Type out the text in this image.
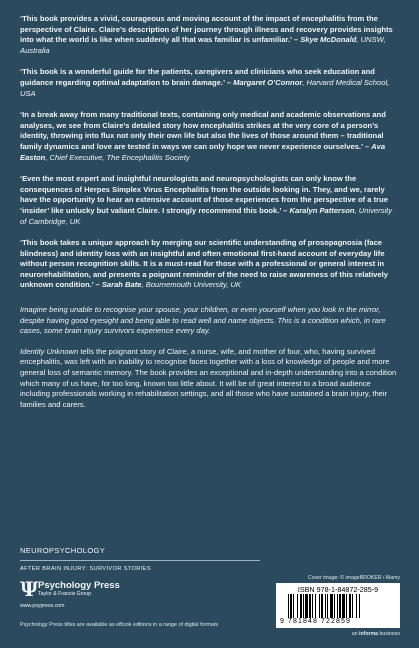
‘This book provides a vivid, courageous and moving account of the impact of encephalitis from the perspective of Claire. Claire’s description of her journey through illness and recovery provides insights into what the world is like when suddenly all that was familiar is unfamiliar.’ – Skye McDonald, UNSW, Australia

‘This book is a wonderful guide for the patients, caregivers and clinicians who seek education and guidance regarding optimal adaptation to brain damage.’ – Margaret O’Connor, Harvard Medical School, USA

‘In a break away from many traditional texts, containing only medical and academic observations and analyses, we see from Claire’s detailed story how encephalitis strikes at the very core of a person’s identity, throwing into flux not only their own life but also the lives of those around them – traditional family dynamics and love are tested in ways we can only hope we never experience ourselves.’ – Ava Easton, Chief Executive, The Encephalitis Society

‘Even the most expert and insightful neurologists and neuropsychologists can only know the consequences of Herpes Simplex Virus Encephalitis from the outside looking in. They, and we, rarely have the opportunity to hear an extensive account of those experiences from the perspective of a true ‘insider’ like unlucky but valiant Claire. I strongly recommend this book.’ – Karalyn Patterson, University of Cambridge, UK

‘This book takes a unique approach by merging our scientific understanding of prosopagnosia (face blindness) and identity loss with an insightful and often emotional first-hand account of everyday life without person recognition skills. It is a must-read for those with a professional or general interest in neurorehabilitation, and presents a poignant reminder of the need to raise awareness of this relatively unknown condition.’ – Sarah Bate, Bournemouth University, UK

Imagine being unable to recognise your spouse, your children, or even yourself when you look in the mirror, despite having good eyesight and being able to read well and name objects. This is a condition which, in rare cases, some brain injury survivors experience every day.

Identity Unknown tells the poignant story of Claire, a nurse, wife, and mother of four, who, having survived encephalitis, was left with an inability to recognise faces together with a loss of knowledge of people and more general loss of semantic memory. The book provides an exceptional and in-depth understanding into a condition which many of us have, for too long, known too little about. It will be of great interest to a broad audience including professionals working in rehabilitation settings, and all those who have sustained a brain injury, their families and carers.

NEUROPSYCHOLOGY
AFTER BRAIN INJURY: SURVIVOR STORIES
Ψ Psychology Press
Taylor & Francis Group
www.psypress.com
Psychology Press titles are available as eBook editions in a range of digital formats
Cover image: © imageBROKER / Alamy
ISBN 978-1-84872-285-9
9 781848 722859
an informa business
